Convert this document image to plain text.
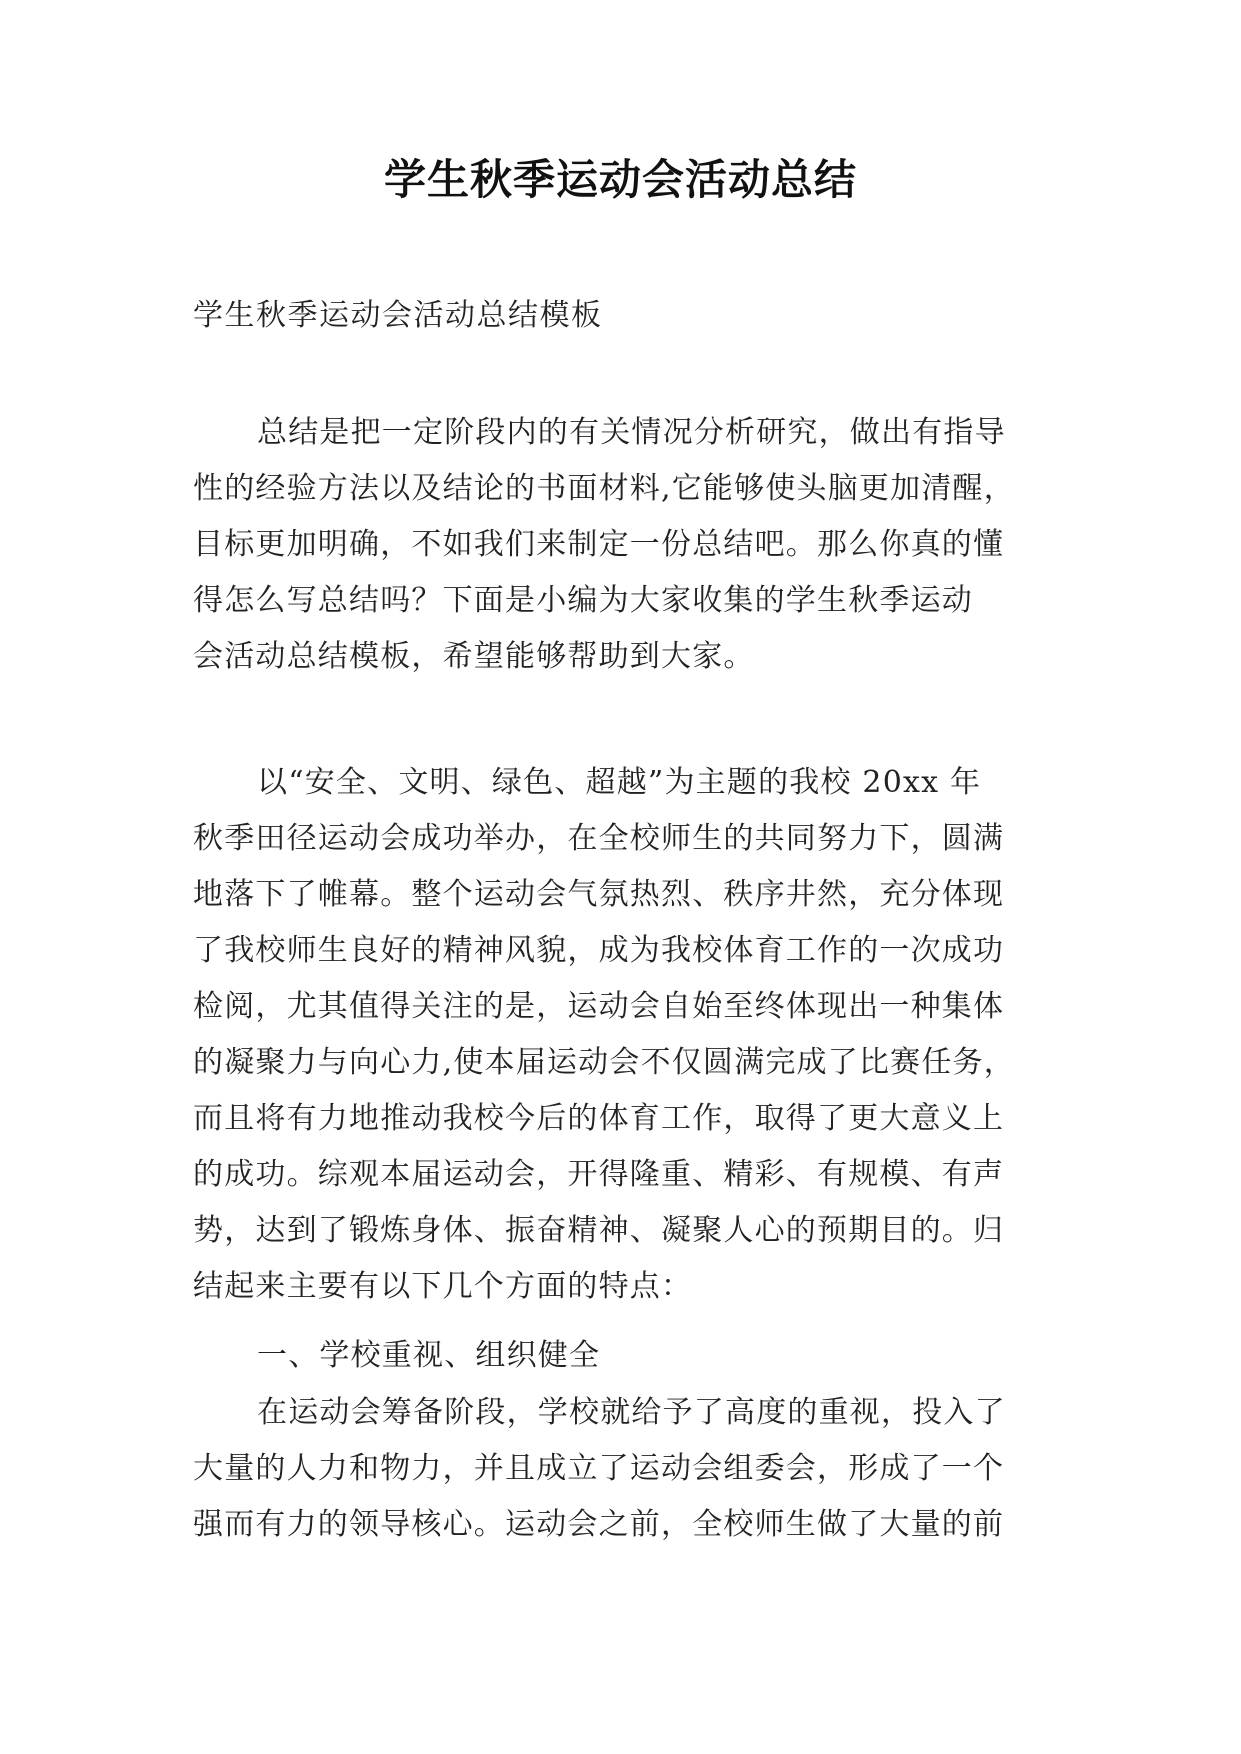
学生秋季运动会活动总结
学生秋季运动会活动总结模板
总结是把一定阶段内的有关情况分析研究，做出有指导
性的经验方法以及结论的书面材料,它能够使头脑更加清醒，
目标更加明确，不如我们来制定一份总结吧。那么你真的懂
得怎么写总结吗？下面是小编为大家收集的学生秋季运动
会活动总结模板，希望能够帮助到大家。
以“安全、文明、绿色、超越”为主题的我校 20xx 年
秋季田径运动会成功举办，在全校师生的共同努力下，圆满
地落下了帷幕。整个运动会气氛热烈、秩序井然，充分体现
了我校师生良好的精神风貌，成为我校体育工作的一次成功
检阅，尤其值得关注的是，运动会自始至终体现出一种集体
的凝聚力与向心力,使本届运动会不仅圆满完成了比赛任务，
而且将有力地推动我校今后的体育工作，取得了更大意义上
的成功。综观本届运动会，开得隆重、精彩、有规模、有声
势，达到了锻炼身体、振奋精神、凝聚人心的预期目的。归
结起来主要有以下几个方面的特点：
一、学校重视、组织健全
在运动会筹备阶段，学校就给予了高度的重视，投入了
大量的人力和物力，并且成立了运动会组委会，形成了一个
强而有力的领导核心。运动会之前，全校师生做了大量的前
